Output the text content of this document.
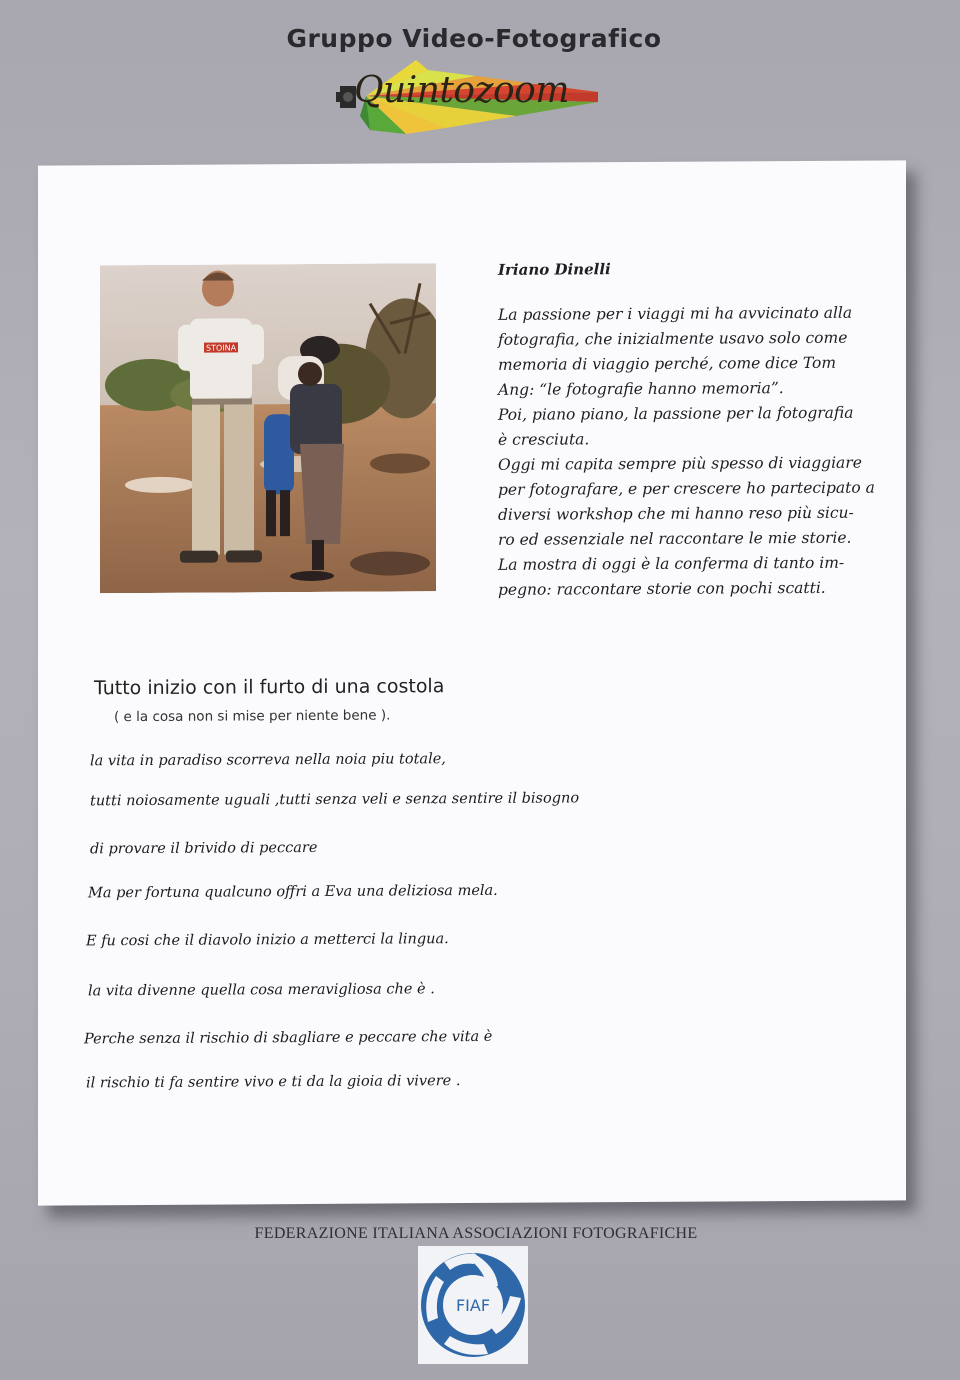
Gruppo Video-Fotografico
Quintozoom
STOINA
Iriano Dinelli
La passione per i viaggi mi ha avvicinato alla
fotografia, che inizialmente usavo solo come
memoria di viaggio perché, come dice Tom
Ang: “le fotografie hanno memoria”.
Poi, piano piano, la passione per la fotografia
è cresciuta.
Oggi mi capita sempre più spesso di viaggiare
per fotografare, e per crescere ho partecipato a
diversi workshop che mi hanno reso più sicu-
ro ed essenziale nel raccontare le mie storie.
La mostra di oggi è la conferma di tanto im-
pegno: raccontare storie con pochi scatti.
Tutto inizio con il furto di una costola
( e la cosa non si mise per niente bene ).
la vita in paradiso scorreva nella noia piu totale,
tutti noiosamente uguali ,tutti senza veli e senza sentire il bisogno
di provare il brivido di peccare
Ma per fortuna qualcuno offri a Eva una deliziosa mela.
E fu cosi che il diavolo inizio a metterci la lingua.
la vita divenne quella cosa meravigliosa che è .
Perche senza il rischio di sbagliare e peccare che vita è
il rischio ti fa sentire vivo e ti da la gioia di vivere .
FEDERAZIONE ITALIANA ASSOCIAZIONI FOTOGRAFICHE
FIAF
